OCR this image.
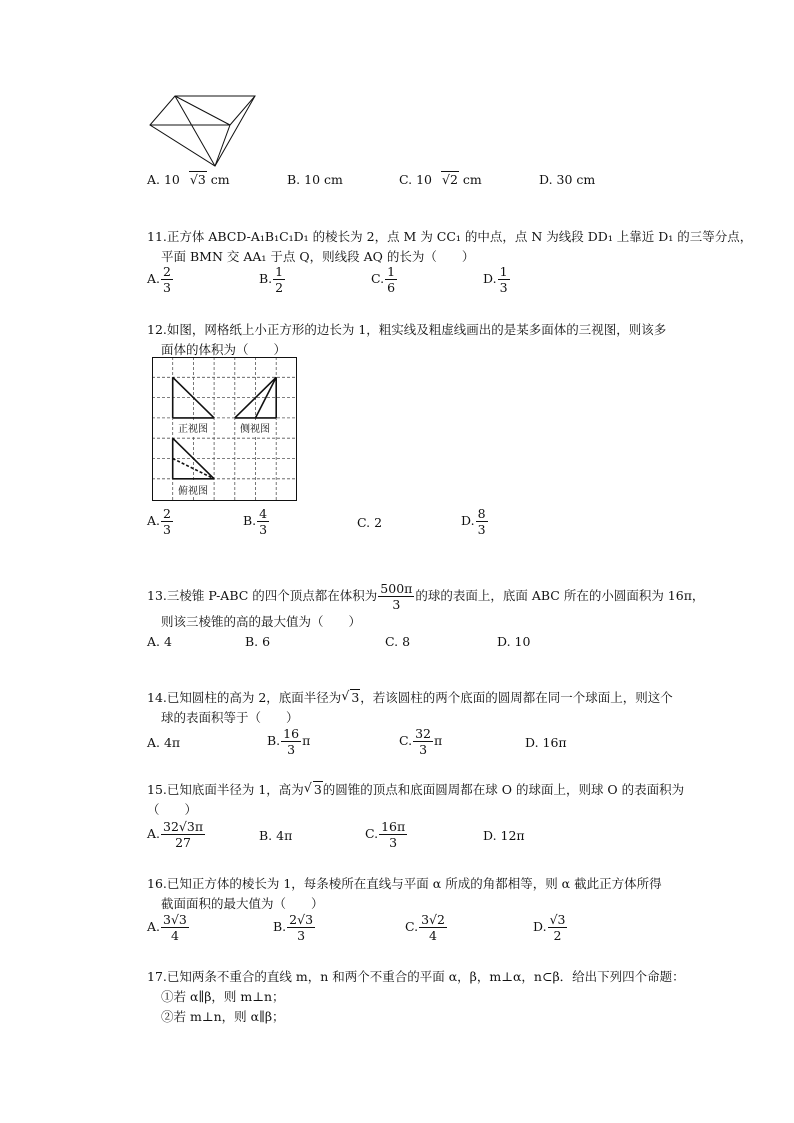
A. 10 √3 cm	B. 10 cm	C. 10 √2 cm	D. 30 cm
11.正方体 ABCD-A₁B₁C₁D₁ 的棱长为 2，点 M 为 CC₁ 的中点，点 N 为线段 DD₁ 上靠近 D₁ 的三等分点，
平面 BMN 交 AA₁ 于点 Q，则线段 AQ 的长为（　　）
A. $\frac{2}{3}$	B. $\frac{1}{2}$	C. $\frac{1}{6}$	D. $\frac{1}{3}$
12.如图，网格纸上小正方形的边长为 1，粗实线及粗虚线画出的是某多面体的三视图，则该多
面体的体积为（　　）
正视图	侧视图
俯视图
A. $\frac{2}{3}$	B. $\frac{4}{3}$	C. 2	D. $\frac{8}{3}$
13.三棱锥 P-ABC 的四个顶点都在体积为 $\frac{500\pi}{3}$ 的球的表面上，底面 ABC 所在的小圆面积为 16π，
则该三棱锥的高的最大值为（　　）
A. 4	B. 6	C. 8	D. 10
14.已知圆柱的高为 2，底面半径为 √ 3，若该圆柱的两个底面的圆周都在同一个球面上，则这个
球的表面积等于（　　）
A. 4π	B. $\frac{16}{3}$ π	C. $\frac{32}{3}$ π	D. 16π
15.已知底面半径为 1，高为 √ 3的圆锥的顶点和底面圆周都在球 O 的球面上，则球 O 的表面积为
（　　）
A. $\frac{32√3\pi}{27}$	B. 4π	C. $\frac{16\pi}{3}$	D. 12π
16.已知正方体的棱长为 1，每条棱所在直线与平面 α 所成的角都相等，则 α 截此正方体所得
截面面积的最大值为（　　）
A. $\frac{3√3}{4}$	B. $\frac{2√3}{3}$	C. $\frac{3√2}{4}$	D. $\frac{√3}{2}$
17.已知两条不重合的直线 m，n 和两个不重合的平面 α，β，m⊥α，n⊂β．给出下列四个命题：
①若 α∥β，则 m⊥n；
②若 m⊥n，则 α∥β；
